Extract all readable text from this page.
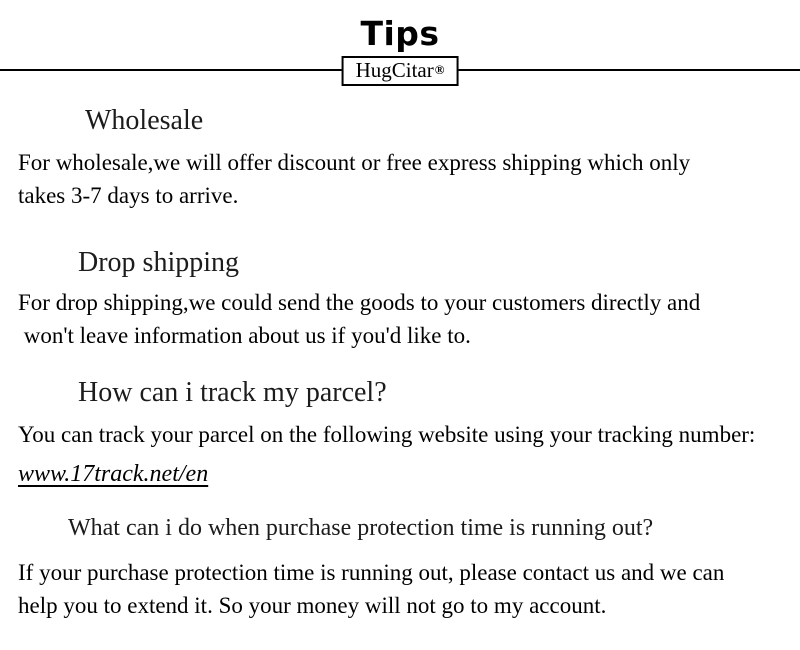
Tips
HugCitar ®
Wholesale
For wholesale,we will offer discount or free express shipping which only
takes 3-7 days to arrive.
Drop shipping
For drop shipping,we could send the goods to your customers directly and
won't leave information about us if you'd like to.
How can i track my parcel?
You can track your parcel on the following website using your tracking number:
www.17track.net/en
What can i do when purchase protection time is running out?
If your purchase protection time is running out, please contact us and we can
help you to extend it. So your money will not go to my account.
